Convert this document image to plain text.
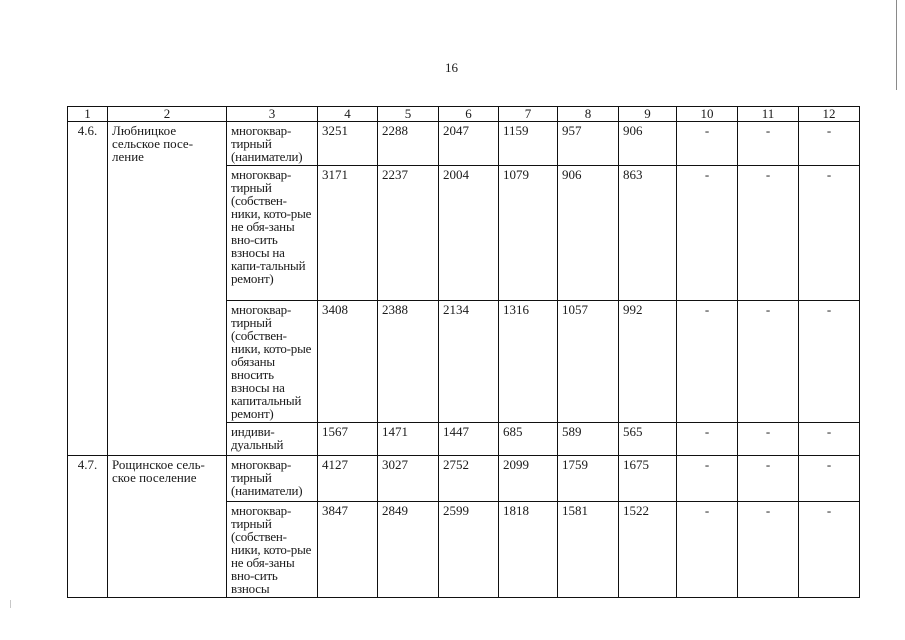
16
1	2	3	4	5	6	7	8	9	10	11	12
4.6.	Любницкое сельское посе-ление	многоквар-тирный (наниматели)	3251	2288	2047	1159	957	906	-	-	-
		многоквар-тирный (собствен-ники, кото-рые не обя-заны вно-сить взносы на капи-тальный ремонт)	3171	2237	2004	1079	906	863	-	-	-
		многоквар-тирный (собствен-ники, кото-рые обязаны вносить взносы на капитальный ремонт)	3408	2388	2134	1316	1057	992	-	-	-
		индиви-дуальный	1567	1471	1447	685	589	565	-	-	-
4.7.	Рощинское сель-ское поселение	многоквар-тирный (наниматели)	4127	3027	2752	2099	1759	1675	-	-	-
		многоквар-тирный (собствен-ники, кото-рые не обя-заны вно-сить взносы	3847	2849	2599	1818	1581	1522	-	-	-
